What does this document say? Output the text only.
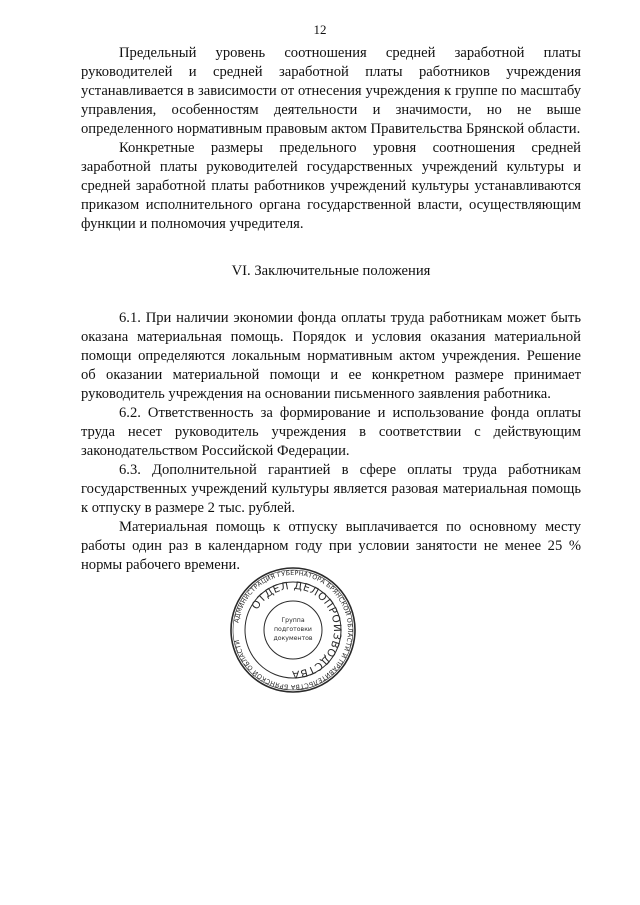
12

Предельный уровень соотношения средней заработной платы руководителей и средней заработной платы работников учреждения устанавливается в зависимости от отнесения учреждения к группе по масштабу управления, особенностям деятельности и значимости, но не выше определенного нормативным правовым актом Правительства Брянской области.

Конкретные размеры предельного уровня соотношения средней заработной платы руководителей государственных учреждений культуры и средней заработной платы работников учреждений культуры устанавливаются приказом исполнительного органа государственной власти, осуществляющим функции и полномочия учредителя.

VI. Заключительные положения

6.1. При наличии экономии фонда оплаты труда работникам может быть оказана материальная помощь. Порядок и условия оказания материальной помощи определяются локальным нормативным актом учреждения. Решение об оказании материальной помощи и ее конкретном размере принимает руководитель учреждения на основании письменного заявления работника.

6.2. Ответственность за формирование и использование фонда оплаты труда несет руководитель учреждения в соответствии с действующим законодательством Российской Федерации.

6.3. Дополнительной гарантией в сфере оплаты труда работникам государственных учреждений культуры является разовая материальная помощь к отпуску в размере 2 тыс. рублей.

Материальная помощь к отпуску выплачивается по основному месту работы один раз в календарном году при условии занятости не менее 25 % нормы рабочего времени.

АДМИНИСТРАЦИЯ ГУБЕРНАТОРА БРЯНСКОЙ ОБЛАСТИ И ПРАВИТЕЛЬСТВА БРЯНСКОЙ ОБЛАСТИ
ОТДЕЛ ДЕЛОПРОИЗВОДСТВА
Группа
подготовки
документов
